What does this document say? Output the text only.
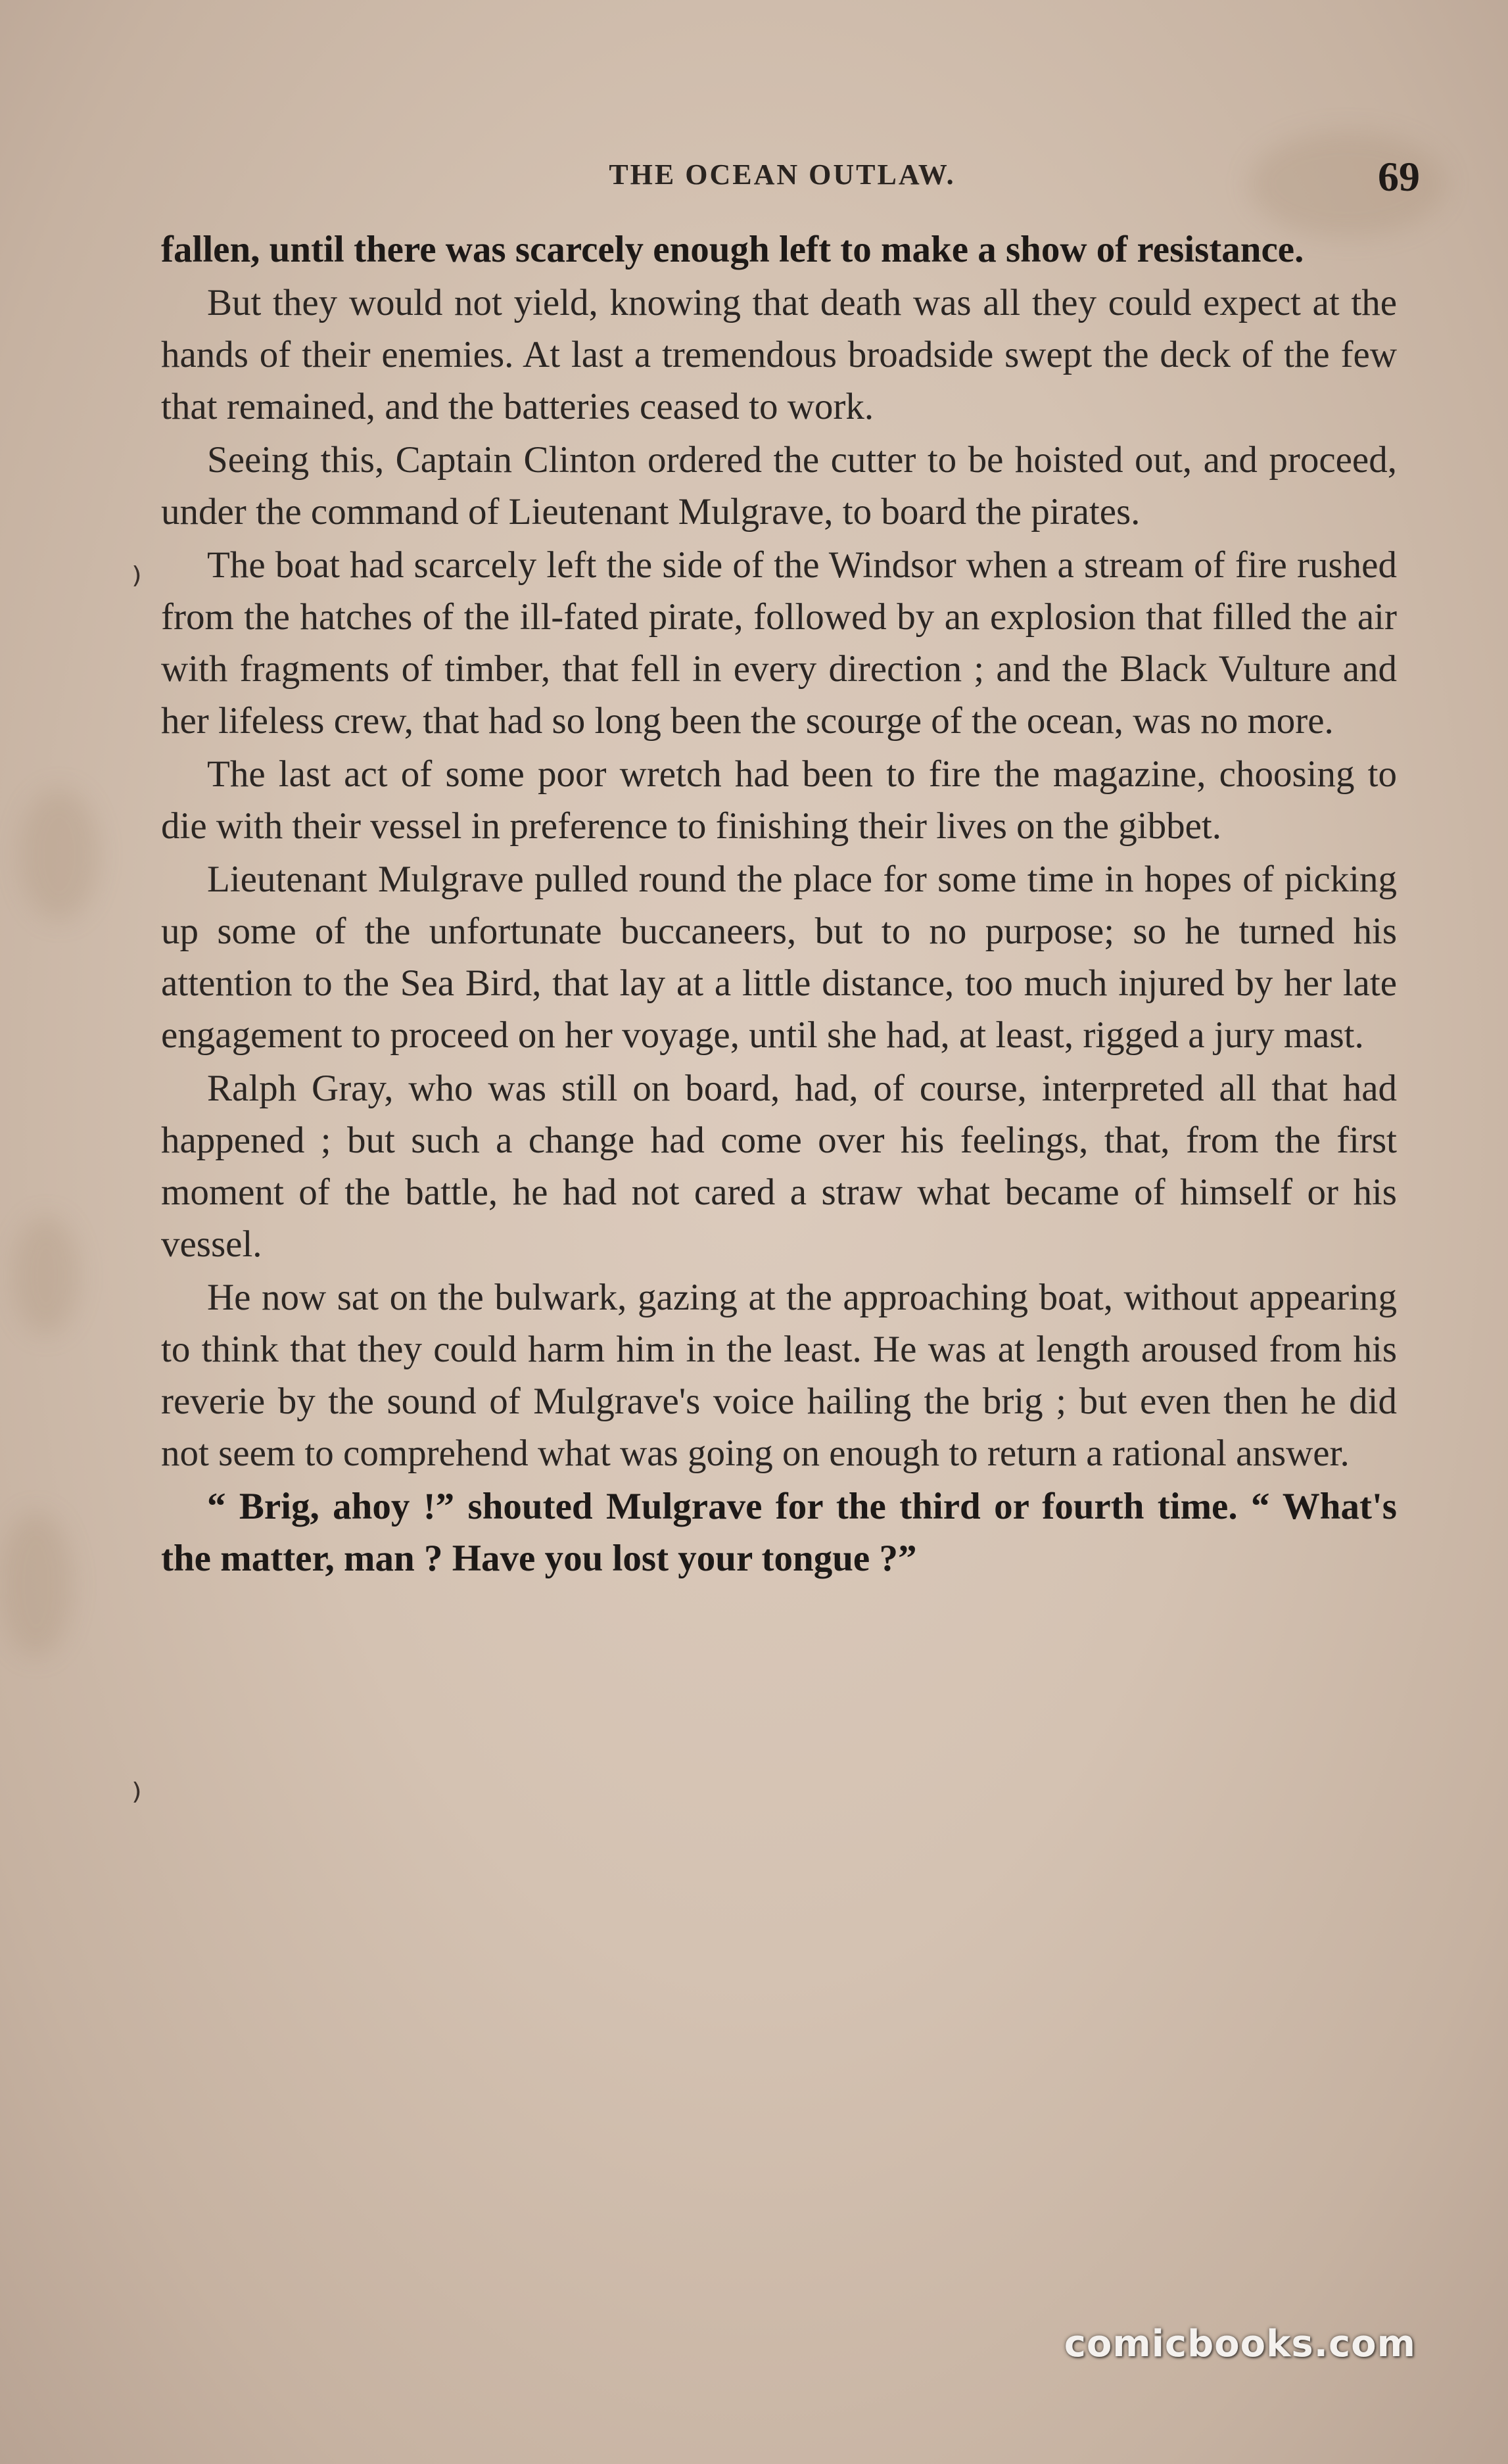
⁾
⁾
THE OCEAN OUTLAW.	69

fallen, until there was scarcely enough left to make a show of resistance.

But they would not yield, knowing that death was all they could expect at the hands of their enemies. At last a tremendous broadside swept the deck of the few that remained, and the batteries ceased to work.

Seeing this, Captain Clinton ordered the cutter to be hoisted out, and proceed, under the command of Lieutenant Mulgrave, to board the pirates.

The boat had scarcely left the side of the Windsor when a stream of fire rushed from the hatches of the ill-fated pirate, followed by an explosion that filled the air with fragments of timber, that fell in every direction ; and the Black Vulture and her lifeless crew, that had so long been the scourge of the ocean, was no more.

The last act of some poor wretch had been to fire the magazine, choosing to die with their vessel in preference to finishing their lives on the gibbet.

Lieutenant Mulgrave pulled round the place for some time in hopes of picking up some of the unfortunate buccaneers, but to no purpose; so he turned his attention to the Sea Bird, that lay at a little distance, too much injured by her late engagement to proceed on her voyage, until she had, at least, rigged a jury mast.

Ralph Gray, who was still on board, had, of course, interpreted all that had happened ; but such a change had come over his feelings, that, from the first moment of the battle, he had not cared a straw what became of himself or his vessel.

He now sat on the bulwark, gazing at the approaching boat, without appearing to think that they could harm him in the least. He was at length aroused from his reverie by the sound of Mulgrave's voice hailing the brig ; but even then he did not seem to comprehend what was going on enough to return a rational answer.

“ Brig, ahoy !” shouted Mulgrave for the third or fourth time. “ What's the matter, man ? Have you lost your tongue ?”

comicbooks.com
